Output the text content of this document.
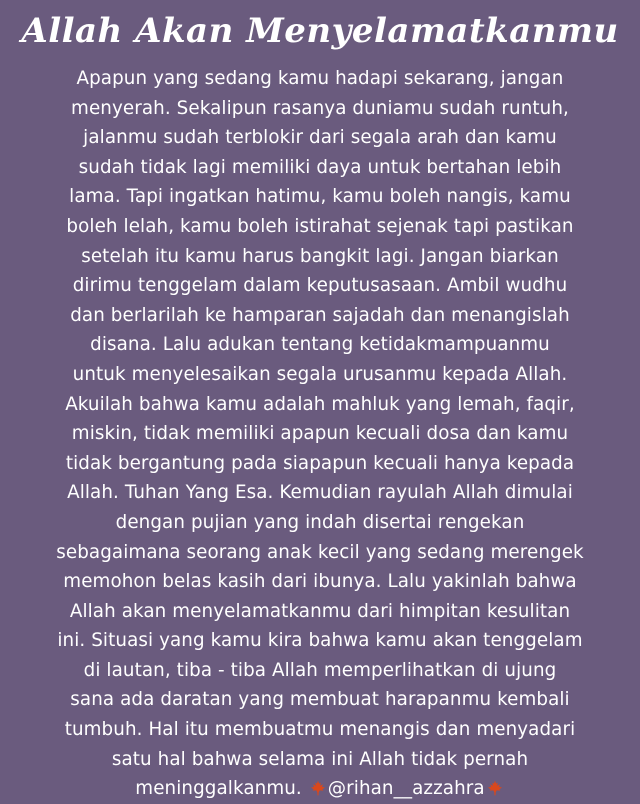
Allah Akan Menyelamatkanmu
Apapun yang sedang kamu hadapi sekarang, jangan
menyerah. Sekalipun rasanya duniamu sudah runtuh,
jalanmu sudah terblokir dari segala arah dan kamu
sudah tidak lagi memiliki daya untuk bertahan lebih
lama. Tapi ingatkan hatimu, kamu boleh nangis, kamu
boleh lelah, kamu boleh istirahat sejenak tapi pastikan
setelah itu kamu harus bangkit lagi. Jangan biarkan
dirimu tenggelam dalam keputusasaan. Ambil wudhu
dan berlarilah ke hamparan sajadah dan menangislah
disana. Lalu adukan tentang ketidakmampuanmu
untuk menyelesaikan segala urusanmu kepada Allah.
Akuilah bahwa kamu adalah mahluk yang lemah, faqir,
miskin, tidak memiliki apapun kecuali dosa dan kamu
tidak bergantung pada siapapun kecuali hanya kepada
Allah. Tuhan Yang Esa. Kemudian rayulah Allah dimulai
dengan pujian yang indah disertai rengekan
sebagaimana seorang anak kecil yang sedang merengek
memohon belas kasih dari ibunya. Lalu yakinlah bahwa
Allah akan menyelamatkanmu dari himpitan kesulitan
ini. Situasi yang kamu kira bahwa kamu akan tenggelam
di lautan, tiba - tiba Allah memperlihatkan di ujung
sana ada daratan yang membuat harapanmu kembali
tumbuh. Hal itu membuatmu menangis dan menyadari
satu hal bahwa selama ini Allah tidak pernah
meninggalkanmu. @rihan__azzahra
